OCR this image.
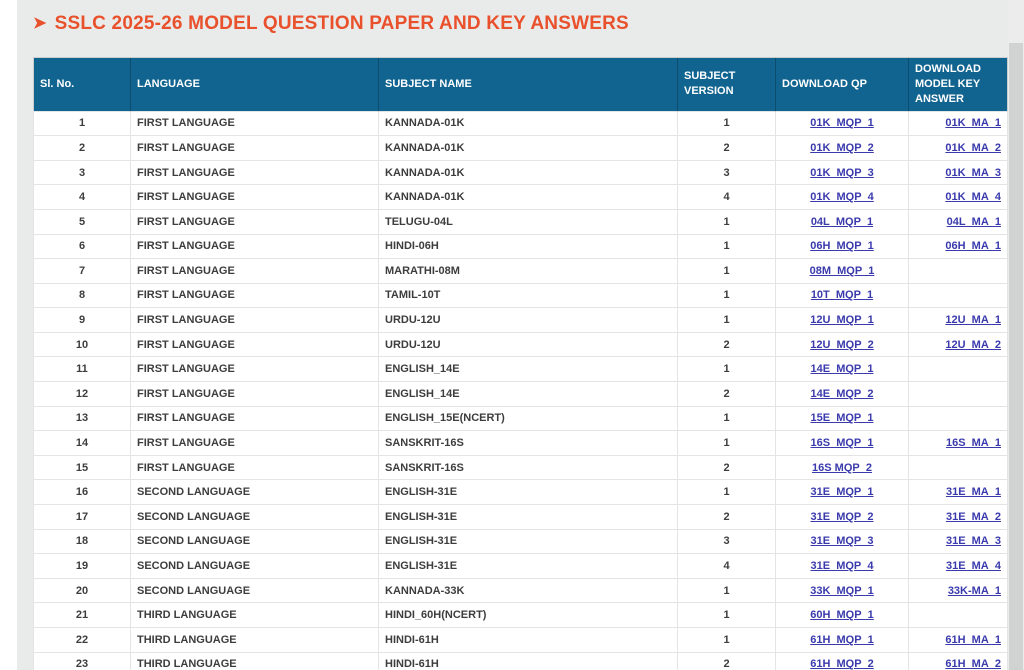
➤ SSLC 2025-26 MODEL QUESTION PAPER AND KEY ANSWERS
Sl. No.	LANGUAGE	SUBJECT NAME	SUBJECT VERSION	DOWNLOAD QP	DOWNLOAD MODEL KEY ANSWER
1	FIRST LANGUAGE	KANNADA-01K	1	01K_MQP_1	01K_MA_1
2	FIRST LANGUAGE	KANNADA-01K	2	01K_MQP_2	01K_MA_2
3	FIRST LANGUAGE	KANNADA-01K	3	01K_MQP_3	01K_MA_3
4	FIRST LANGUAGE	KANNADA-01K	4	01K_MQP_4	01K_MA_4
5	FIRST LANGUAGE	TELUGU-04L	1	04L_MQP_1	04L_MA_1
6	FIRST LANGUAGE	HINDI-06H	1	06H_MQP_1	06H_MA_1
7	FIRST LANGUAGE	MARATHI-08M	1	08M_MQP_1	
8	FIRST LANGUAGE	TAMIL-10T	1	10T_MQP_1	
9	FIRST LANGUAGE	URDU-12U	1	12U_MQP_1	12U_MA_1
10	FIRST LANGUAGE	URDU-12U	2	12U_MQP_2	12U_MA_2
11	FIRST LANGUAGE	ENGLISH_14E	1	14E_MQP_1	
12	FIRST LANGUAGE	ENGLISH_14E	2	14E_MQP_2	
13	FIRST LANGUAGE	ENGLISH_15E(NCERT)	1	15E_MQP_1	
14	FIRST LANGUAGE	SANSKRIT-16S	1	16S_MQP_1	16S_MA_1
15	FIRST LANGUAGE	SANSKRIT-16S	2	16S MQP_2	
16	SECOND LANGUAGE	ENGLISH-31E	1	31E_MQP_1	31E_MA_1
17	SECOND LANGUAGE	ENGLISH-31E	2	31E_MQP_2	31E_MA_2
18	SECOND LANGUAGE	ENGLISH-31E	3	31E_MQP_3	31E_MA_3
19	SECOND LANGUAGE	ENGLISH-31E	4	31E_MQP_4	31E_MA_4
20	SECOND LANGUAGE	KANNADA-33K	1	33K_MQP_1	33K-MA_1
21	THIRD LANGUAGE	HINDI_60H(NCERT)	1	60H_MQP_1	
22	THIRD LANGUAGE	HINDI-61H	1	61H_MQP_1	61H_MA_1
23	THIRD LANGUAGE	HINDI-61H	2	61H_MQP_2	61H_MA_2
